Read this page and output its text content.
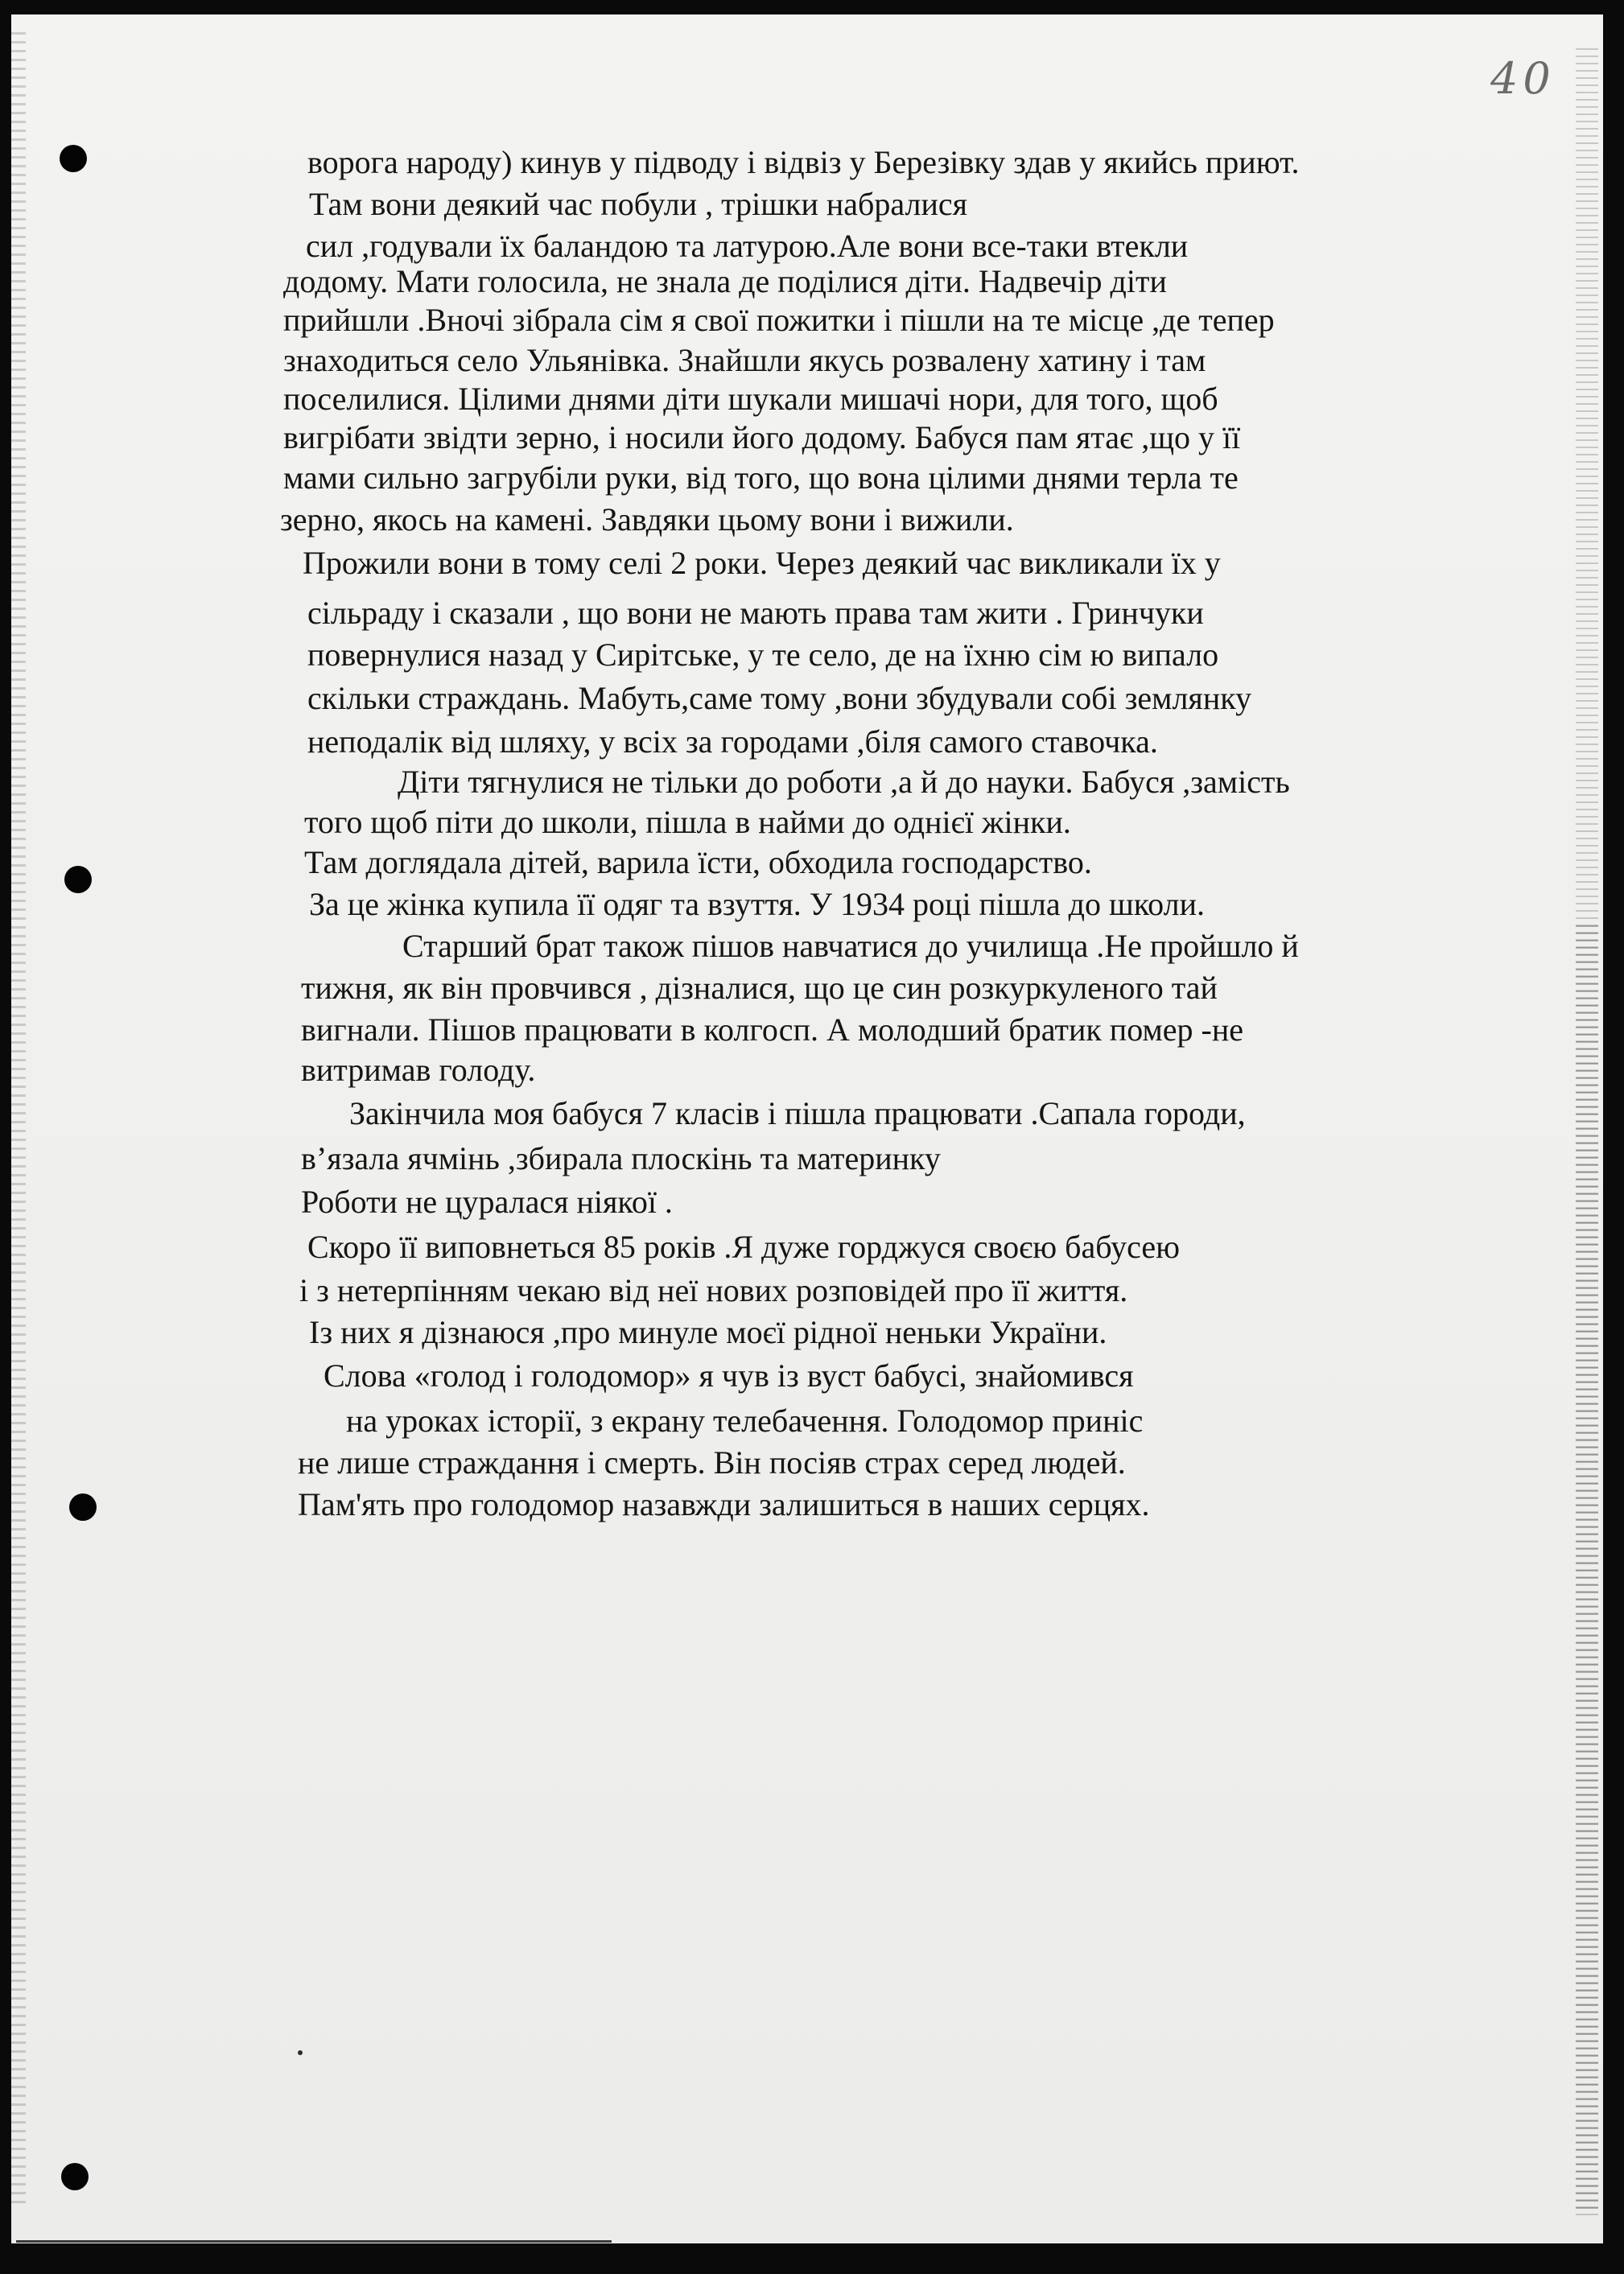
40
ворога народу) кинув у підводу і відвіз у Березівку здав у якийсь приют.
Там вони деякий час побули , трішки набралися
сил ,годували їх баландою та латурою.Але вони все-таки втекли
додому. Мати голосила, не знала де поділися діти. Надвечір діти
прийшли .Вночі зібрала сім я свої пожитки і пішли на те місце ,де тепер
знаходиться село Ульянівка. Знайшли якусь розвалену хатину і там
поселилися. Цілими днями діти шукали мишачі нори, для того, щоб
вигрібати звідти зерно, і носили його додому. Бабуся пам ятає ,що у її
мами сильно загрубіли руки, від того, що вона цілими днями терла те
зерно, якось на камені. Завдяки цьому вони і вижили.
Прожили вони в тому селі 2 роки. Через деякий час викликали їх у
сільраду і сказали , що вони не мають права там жити . Гринчуки
повернулися назад у Сирітське, у те село, де на їхню сім ю випало
скільки страждань. Мабуть,саме тому ,вони збудували собі землянку
неподалік від шляху, у всіх за городами ,біля самого ставочка.
Діти тягнулися не тільки до роботи ,а й до науки. Бабуся ,замість
того щоб піти до школи, пішла в найми до однієї жінки.
Там доглядала дітей, варила їсти, обходила господарство.
За це жінка купила її одяг та взуття. У 1934 році пішла до школи.
Старший брат також пішов навчатися до училища .Не пройшло й
тижня, як він провчився , дізналися, що це син розкуркуленого тай
вигнали. Пішов працювати в колгосп. А молодший братик помер -не
витримав голоду.
Закінчила моя бабуся 7 класів і пішла працювати .Сапала городи,
в’язала ячмінь ,збирала плоскінь та материнку
Роботи не цуралася ніякої .
Скоро її виповнеться 85 років .Я дуже горджуся своєю бабусею
і з нетерпінням чекаю від неї нових розповідей про її життя.
Із них я дізнаюся ,про минуле моєї рідної неньки України.
Слова «голод і голодомор» я чув із вуст бабусі, знайомився
на уроках історії, з екрану телебачення. Голодомор приніс
не лише страждання і смерть. Він посіяв страх серед людей.
Пам'ять про голодомор назавжди залишиться в наших серцях.
